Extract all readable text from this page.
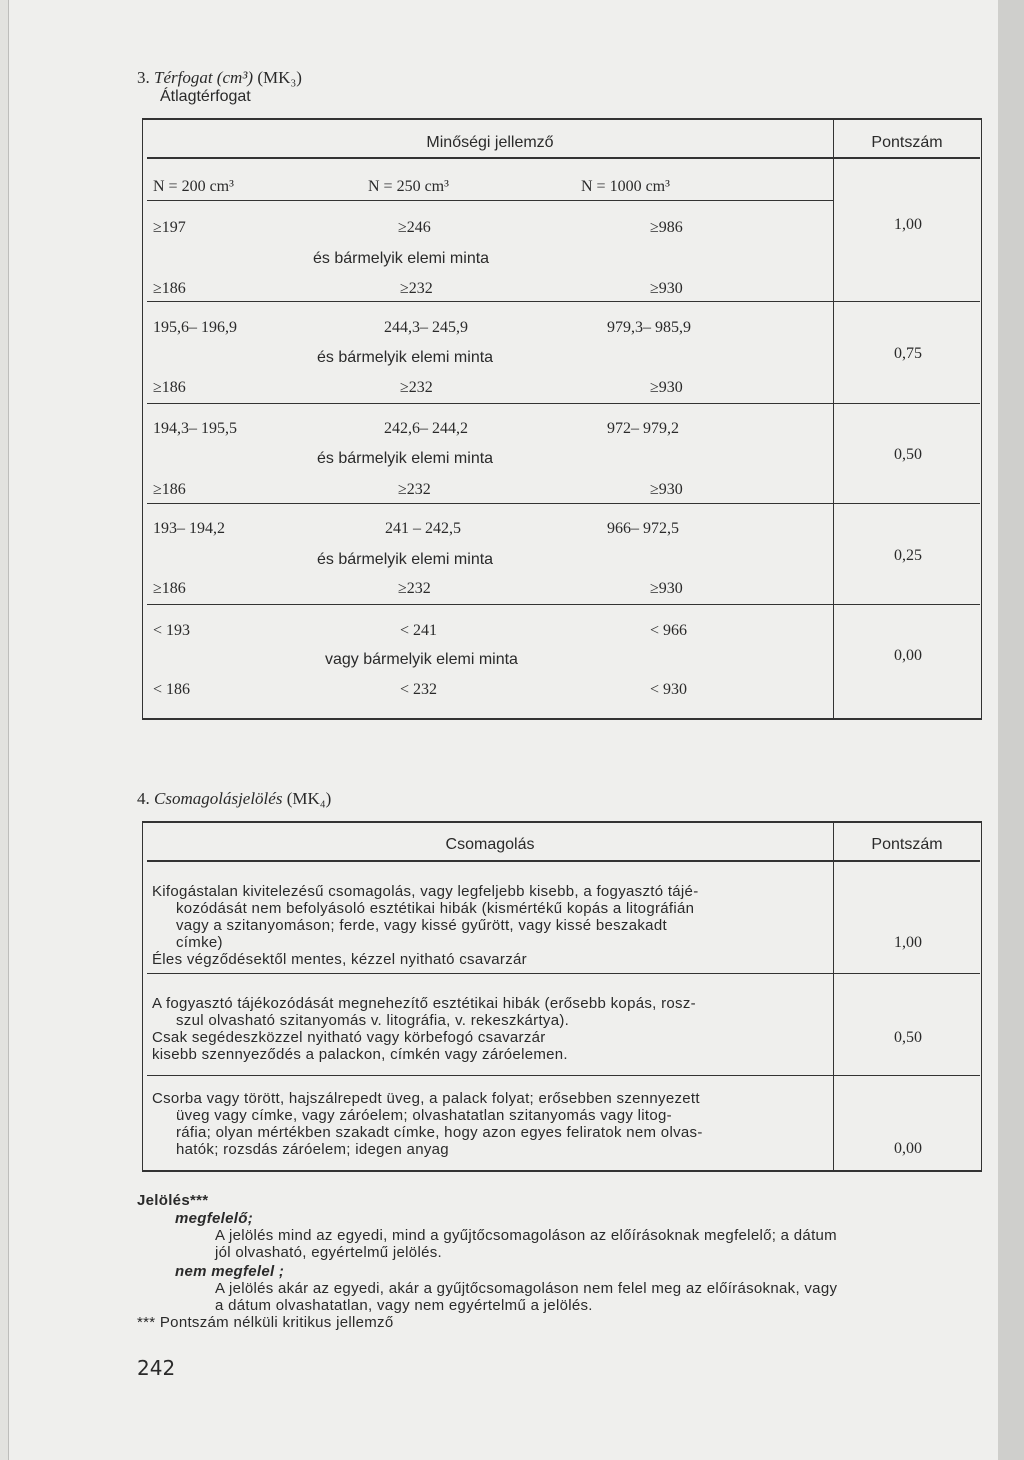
3. Térfogat (cm³) (MK₃)
Átlagtérfogat
Minőségi jellemző	Pontszám
N = 200 cm³	N = 250 cm³	N = 1000 cm³
≥197	≥246	≥986
és bármelyik elemi minta
≥186	≥232	≥930
1,00
195,6– 196,9	244,3– 245,9	979,3– 985,9
és bármelyik elemi minta
≥186	≥232	≥930
0,75
194,3– 195,5	242,6– 244,2	972– 979,2
és bármelyik elemi minta
≥186	≥232	≥930
0,50
193– 194,2	241 – 242,5	966– 972,5
és bármelyik elemi minta
≥186	≥232	≥930
0,25
< 193	< 241	< 966
vagy bármelyik elemi minta
< 186	< 232	< 930
0,00
4. Csomagolásjelölés (MK₄)
Csomagolás	Pontszám
Kifogástalan kivitelezésű csomagolás, vagy legfeljebb kisebb, a fogyasztó tájé-
kozódását nem befolyásoló esztétikai hibák (kismértékű kopás a litográfián
vagy a szitanyomáson; ferde, vagy kissé gyűrött, vagy kissé beszakadt
címke)
Éles végződésektől mentes, kézzel nyitható csavarzár
1,00
A fogyasztó tájékozódását megnehezítő esztétikai hibák (erősebb kopás, rosz-
szul olvasható szitanyomás v. litográfia, v. rekeszkártya).
Csak segédeszközzel nyitható vagy körbefogó csavarzár
kisebb szennyeződés a palackon, címkén vagy záróelemen.
0,50
Csorba vagy törött, hajszálrepedt üveg, a palack folyat; erősebben szennyezett
üveg vagy címke, vagy záróelem; olvashatatlan szitanyomás vagy litog-
ráfia; olyan mértékben szakadt címke, hogy azon egyes feliratok nem olvas-
hatók; rozsdás záróelem; idegen anyag	0,00
Jelölés***
megfelelő;
A jelölés mind az egyedi, mind a gyűjtőcsomagoláson az előírásoknak megfelelő; a dátum
jól olvasható, egyértelmű jelölés.
nem megfelel ;
A jelölés akár az egyedi, akár a gyűjtőcsomagoláson nem felel meg az előírásoknak, vagy
a dátum olvashatatlan, vagy nem egyértelmű a jelölés.
*** Pontszám nélküli kritikus jellemző
242
